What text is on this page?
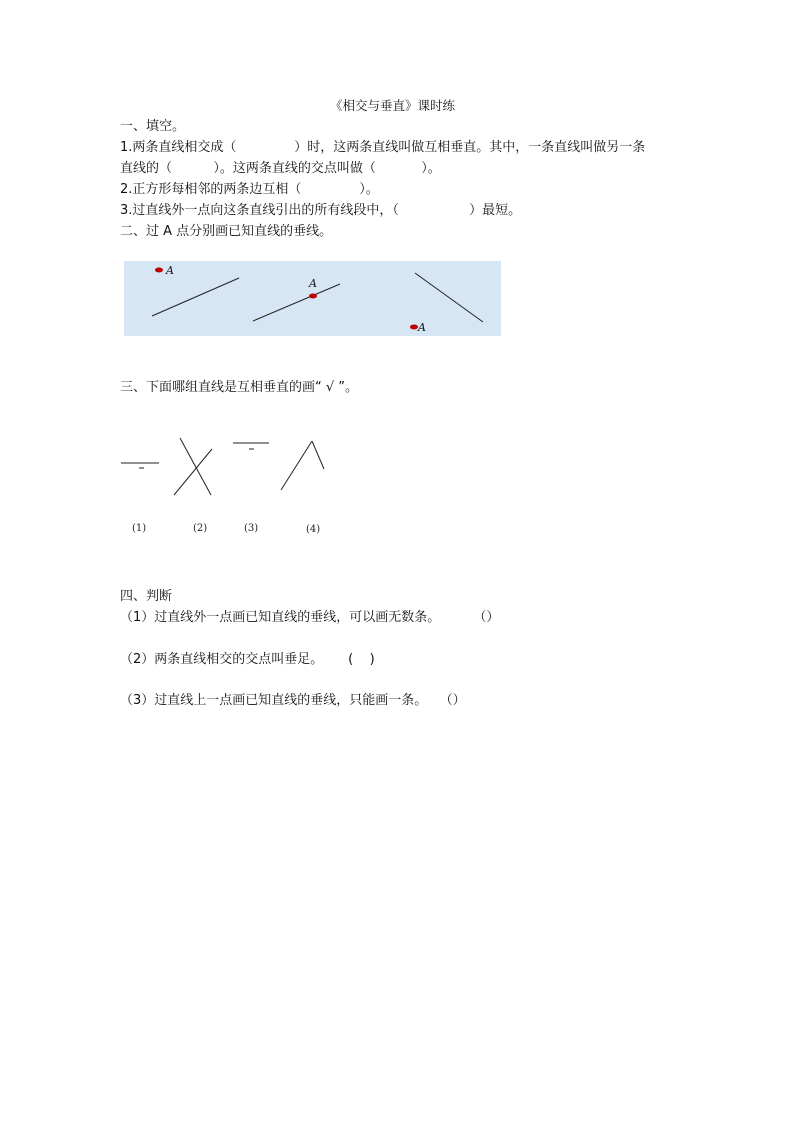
《相交与垂直》课时练
一、填空。
1.两条直线相交成（              ）时，这两条直线叫做互相垂直。其中，一条直线叫做另一条
直线的（          ）。这两条直线的交点叫做（           ）。
2.正方形每相邻的两条边互相（              ）。
3.过直线外一点向这条直线引出的所有线段中，（                 ）最短。
二、过 A 点分别画已知直线的垂线。
A
A
A
三、下面哪组直线是互相垂直的画“ √ ”。
(1)	(2)	(3)	(4)
四、判断
（1）过直线外一点画已知直线的垂线，可以画无数条。        （）
（2）两条直线相交的交点叫垂足。      (    )
（3）过直线上一点画已知直线的垂线，只能画一条。   （）
